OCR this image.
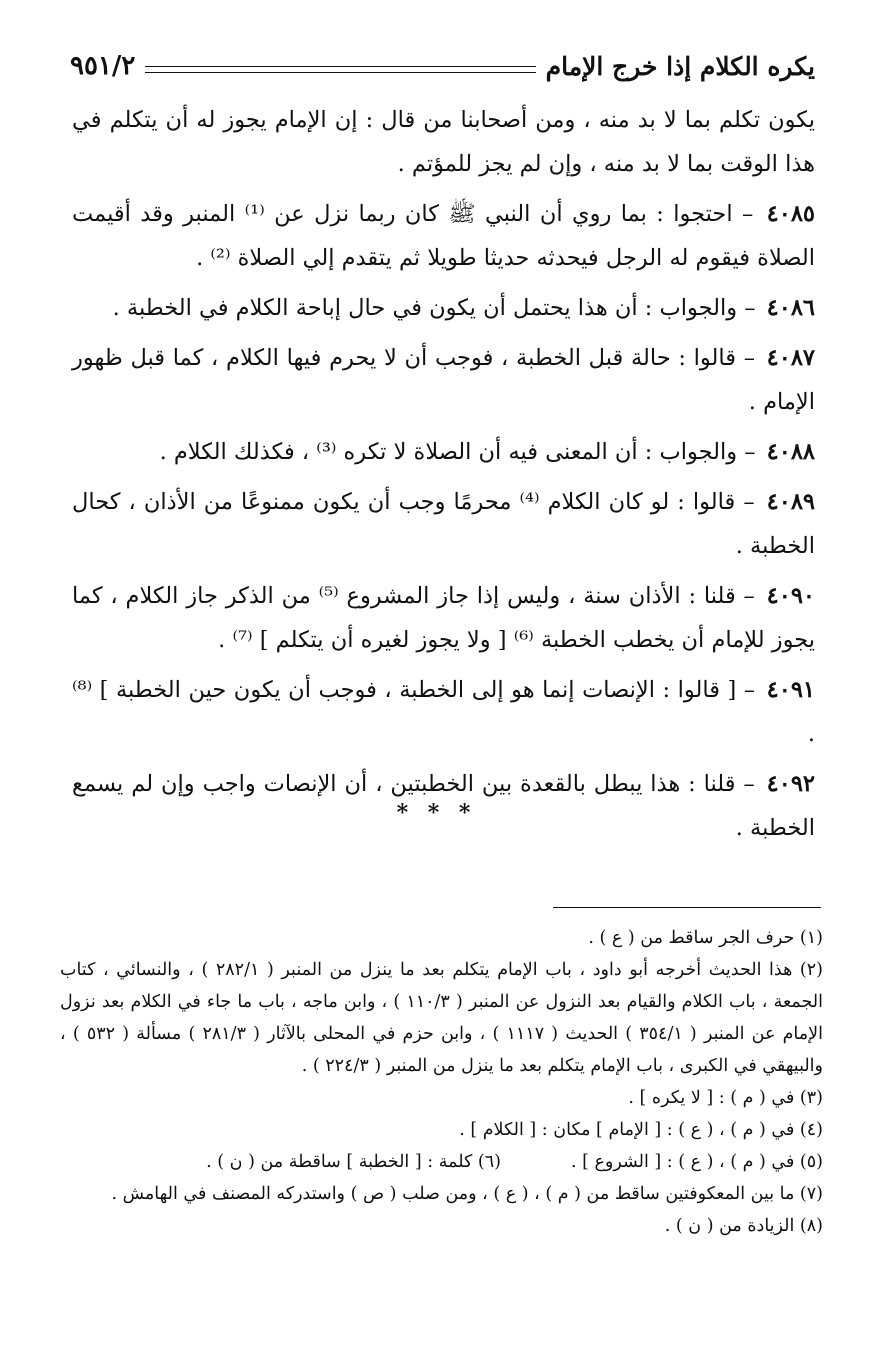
يكره الكلام إذا خرج الإمام
٩٥١/٢

يكون تكلم بما لا بد منه ، ومن أصحابنا من قال : إن الإمام يجوز له أن يتكلم في هذا الوقت بما لا بد منه ، وإن لم يجز للمؤتم .

٤٠٨٥ – احتجوا : بما روي أن النبي ﷺ كان ربما نزل عن ⁽¹⁾ المنبر وقد أقيمت الصلاة فيقوم له الرجل فيحدثه حديثا طويلا ثم يتقدم إلي الصلاة ⁽²⁾ .

٤٠٨٦ – والجواب : أن هذا يحتمل أن يكون في حال إباحة الكلام في الخطبة .

٤٠٨٧ – قالوا : حالة قبل الخطبة ، فوجب أن لا يحرم فيها الكلام ، كما قبل ظهور الإمام .

٤٠٨٨ – والجواب : أن المعنى فيه أن الصلاة لا تكره ⁽³⁾ ، فكذلك الكلام .

٤٠٨٩ – قالوا : لو كان الكلام ⁽⁴⁾ محرمًا وجب أن يكون ممنوعًا من الأذان ، كحال الخطبة .

٤٠٩٠ – قلنا : الأذان سنة ، وليس إذا جاز المشروع ⁽⁵⁾ من الذكر جاز الكلام ، كما يجوز للإمام أن يخطب الخطبة ⁽⁶⁾ [ ولا يجوز لغيره أن يتكلم ] ⁽⁷⁾ .

٤٠٩١ – [ قالوا : الإنصات إنما هو إلى الخطبة ، فوجب أن يكون حين الخطبة ] ⁽⁸⁾ .

٤٠٩٢ – قلنا : هذا يبطل بالقعدة بين الخطبتين ، أن الإنصات واجب وإن لم يسمع الخطبة .

* * *

(١) حرف الجر ساقط من ( ع ) .

(٢) هذا الحديث أخرجه أبو داود ، باب الإمام يتكلم بعد ما ينزل من المنبر ( ٢٨٢/١ ) ، والنسائي ، كتاب الجمعة ، باب الكلام والقيام بعد النزول عن المنبر ( ١١٠/٣ ) ، وابن ماجه ، باب ما جاء في الكلام بعد نزول الإمام عن المنبر ( ٣٥٤/١ ) الحديث ( ١١١٧ ) ، وابن حزم في المحلى بالآثار ( ٢٨١/٣ ) مسألة ( ٥٣٢ ) ، والبيهقي في الكبرى ، باب الإمام يتكلم بعد ما ينزل من المنبر ( ٢٢٤/٣ ) .

(٣) في ( م ) : [ لا يكره ] .

(٤) في ( م ) ، ( ع ) : [ الإمام ] مكان : [ الكلام ] .

(٥) في ( م ) ، ( ع ) : [ الشروع ] .
(٦) كلمة : [ الخطبة ] ساقطة من ( ن ) .

(٧) ما بين المعكوفتين ساقط من ( م ) ، ( ع ) ، ومن صلب ( ص ) واستدركه المصنف في الهامش .

(٨) الزيادة من ( ن ) .
